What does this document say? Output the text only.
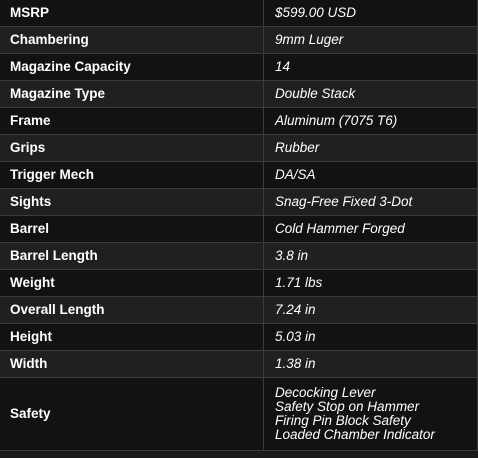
MSRP	$599.00 USD
Chambering	9mm Luger
Magazine Capacity	14
Magazine Type	Double Stack
Frame	Aluminum (7075 T6)
Grips	Rubber
Trigger Mech	DA/SA
Sights	Snag-Free Fixed 3-Dot
Barrel	Cold Hammer Forged
Barrel Length	3.8 in
Weight	1.71 lbs
Overall Length	7.24 in
Height	5.03 in
Width	1.38 in
Safety	Decocking Lever
Safety Stop on Hammer
Firing Pin Block Safety
Loaded Chamber Indicator
